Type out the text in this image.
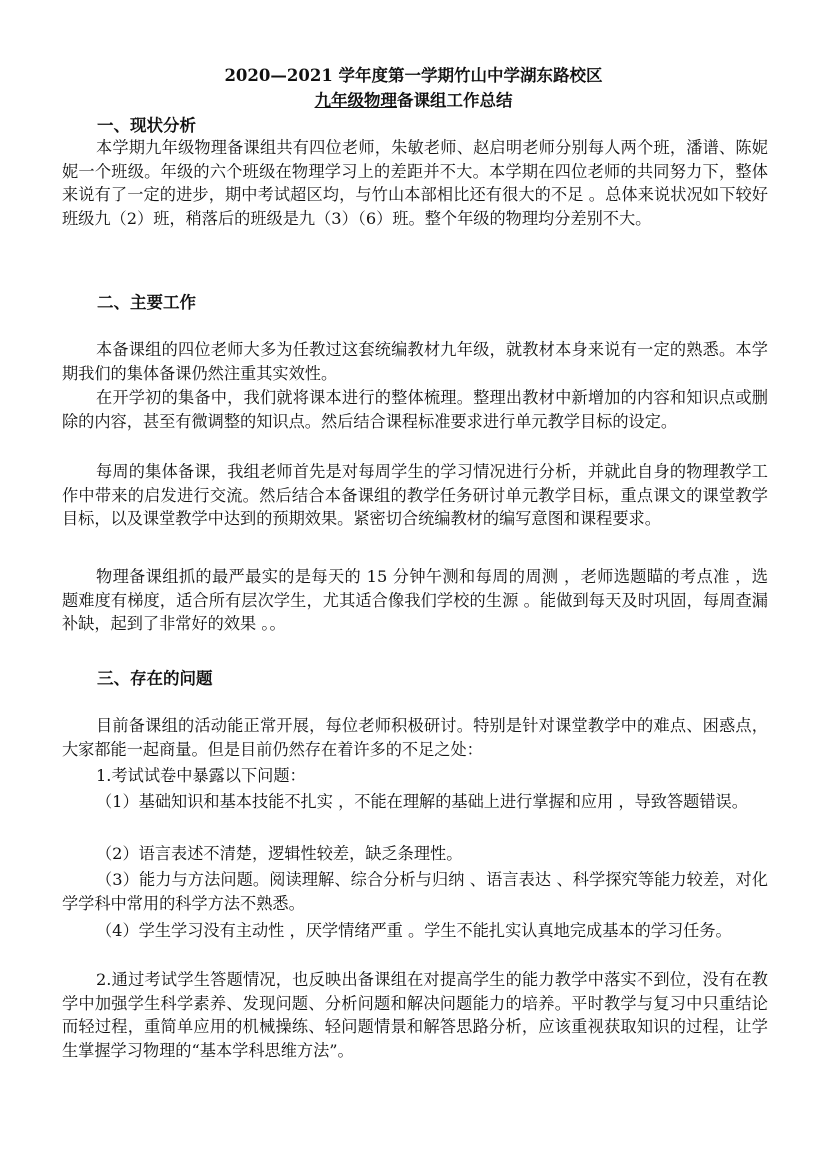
2020—2021 学年度第一学期竹山中学湖东路校区
九年级物理备课组工作总结
一、现状分析

本学期九年级物理备课组共有四位老师，朱敏老师、赵启明老师分别每人两个班，潘谱、陈妮妮一个班级。年级的六个班级在物理学习上的差距并不大。本学期在四位老师的共同努力下，整体来说有了一定的进步，期中考试超区均，与竹山本部相比还有很大的不足 。总体来说状况如下较好 班级九（2）班，稍落后的班级是九（3）（6）班。整个年级的物理均分差别不大。

二、主要工作

本备课组的四位老师大多为任教过这套统编教材九年级，就教材本身来说有一定的熟悉。本学期我们的集体备课仍然注重其实效性。

在开学初的集备中，我们就将课本进行的整体梳理。整理出教材中新增加的内容和知识点或删除的内容，甚至有微调整的知识点。然后结合课程标准要求进行单元教学目标的设定。

每周的集体备课，我组老师首先是对每周学生的学习情况进行分析，并就此自身的物理教学工作中带来的启发进行交流。然后结合本备课组的教学任务研讨单元教学目标，重点课文的课堂教学目标，以及课堂教学中达到的预期效果。紧密切合统编教材的编写意图和课程要求。

物理备课组抓的最严最实的是每天的 15 分钟午测和每周的周测 ，老师选题瞄的考点准 ，选题难度有梯度，适合所有层次学生，尤其适合像我们学校的生源 。能做到每天及时巩固，每周查漏补缺，起到了非常好的效果 。。

三、存在的问题

目前备课组的活动能正常开展，每位老师积极研讨。特别是针对课堂教学中的难点、困惑点，大家都能一起商量。但是目前仍然存在着许多的不足之处：

1.考试试卷中暴露以下问题：

（1）基础知识和基本技能不扎实 ，不能在理解的基础上进行掌握和应用 ，导致答题错误。

（2）语言表述不清楚，逻辑性较差，缺乏条理性。

（3）能力与方法问题。阅读理解、综合分析与归纳 、语言表达 、科学探究等能力较差，对化学学科中常用的科学方法不熟悉。

（4）学生学习没有主动性 ，厌学情绪严重 。学生不能扎实认真地完成基本的学习任务。

2.通过考试学生答题情况，也反映出备课组在对提高学生的能力教学中落实不到位，没有在教学中加强学生科学素养、发现问题、分析问题和解决问题能力的培养。平时教学与复习中只重结论而轻过程，重简单应用的机械操练、轻问题情景和解答思路分析，应该重视获取知识的过程，让学生掌握学习物理的“基本学科思维方法”。
